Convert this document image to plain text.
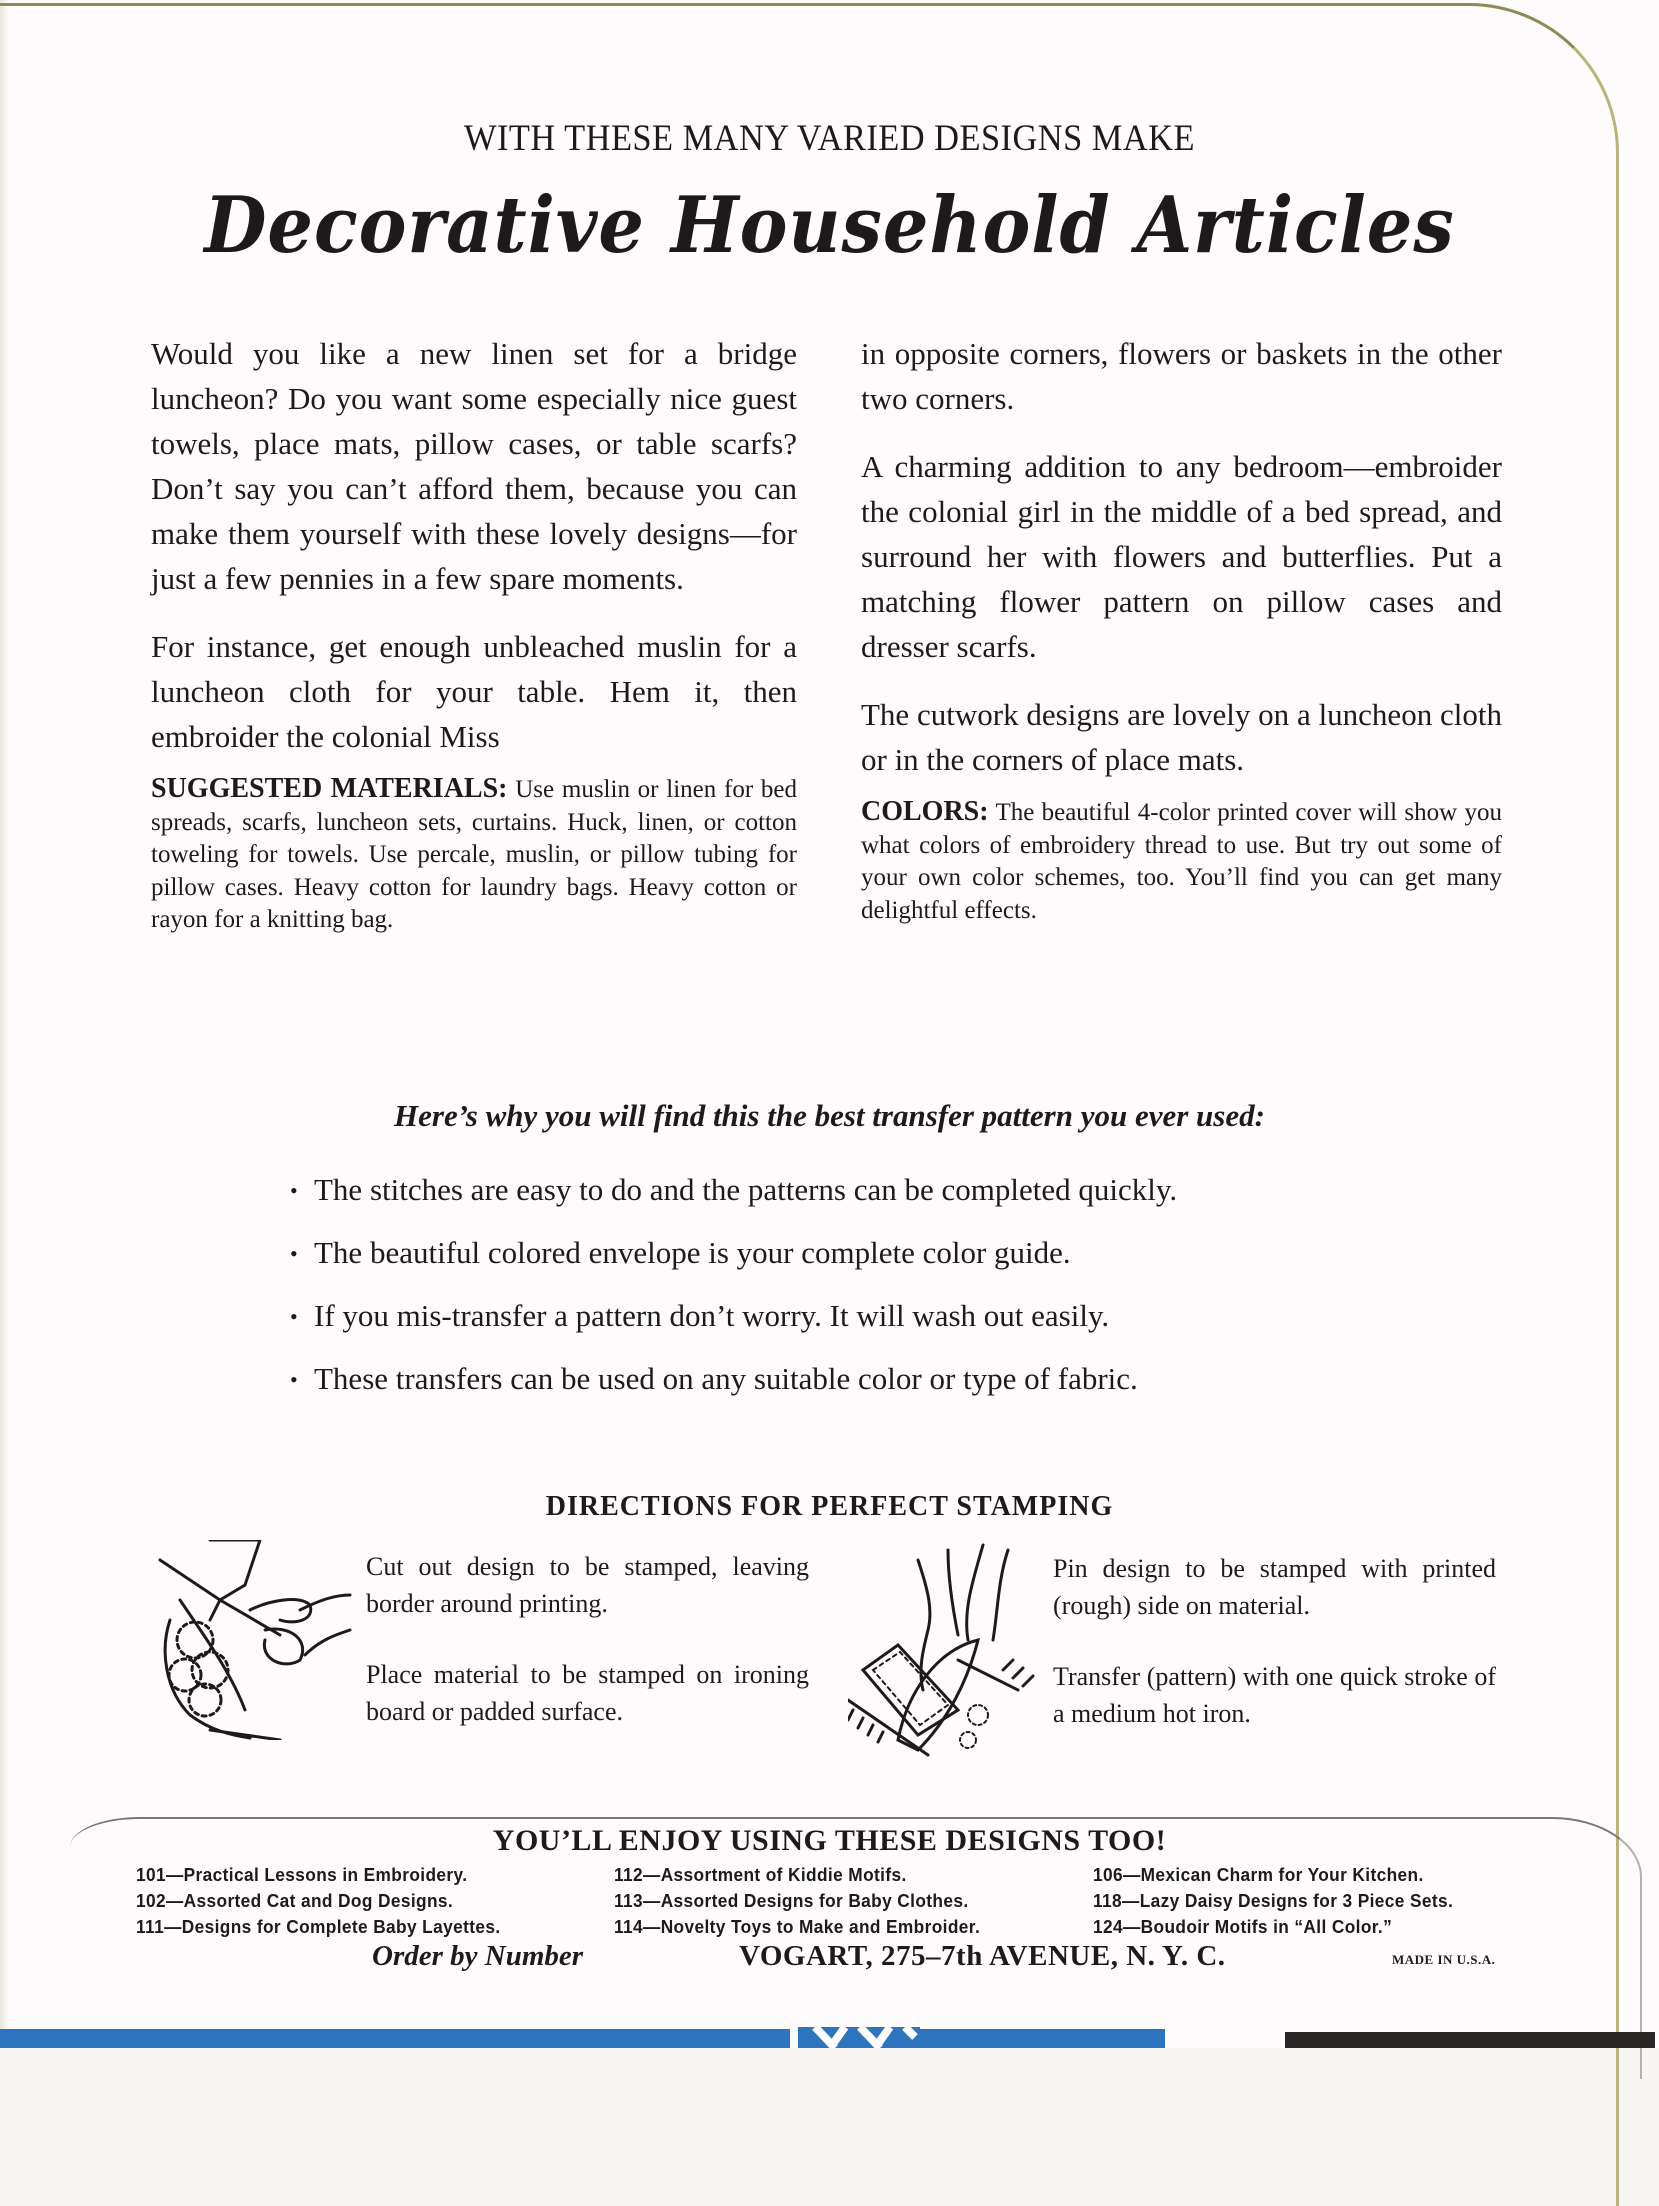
WITH THESE MANY VARIED DESIGNS MAKE
Decorative Household Articles

Would you like a new linen set for a bridge luncheon? Do you want some especially nice guest towels, place mats, pillow cases, or table scarfs? Don’t say you can’t afford them, because you can make them yourself with these lovely designs—for just a few pennies in a few spare moments.

For instance, get enough unbleached muslin for a luncheon cloth for your table. Hem it, then embroider the colonial Miss

SUGGESTED MATERIALS: Use muslin or linen for bed spreads, scarfs, luncheon sets, curtains. Huck, linen, or cotton toweling for towels. Use percale, muslin, or pillow tubing for pillow cases. Heavy cotton for laundry bags. Heavy cotton or rayon for a knitting bag.

in opposite corners, flowers or baskets in the other two corners.

A charming addition to any bedroom—embroider the colonial girl in the middle of a bed spread, and surround her with flowers and butterflies. Put a matching flower pattern on pillow cases and dresser scarfs.

The cutwork designs are lovely on a luncheon cloth or in the corners of place mats.

COLORS: The beautiful 4-color printed cover will show you what colors of embroidery thread to use. But try out some of your own color schemes, too. You’ll find you can get many delightful effects.

Here’s why you will find this the best transfer pattern you ever used:
• The stitches are easy to do and the patterns can be completed quickly.
• The beautiful colored envelope is your complete color guide.
• If you mis-transfer a pattern don’t worry. It will wash out easily.
• These transfers can be used on any suitable color or type of fabric.
DIRECTIONS FOR PERFECT STAMPING

Cut out design to be stamped, leaving border around printing.

Place material to be stamped on ironing board or padded surface.

Pin design to be stamped with printed (rough) side on material.

Transfer (pattern) with one quick stroke of a medium hot iron.

YOU’LL ENJOY USING THESE DESIGNS TOO!
101—Practical Lessons in Embroidery.
102—Assorted Cat and Dog Designs.
111—Designs for Complete Baby Layettes.
112—Assortment of Kiddie Motifs.
113—Assorted Designs for Baby Clothes.
114—Novelty Toys to Make and Embroider.
106—Mexican Charm for Your Kitchen.
118—Lazy Daisy Designs for 3 Piece Sets.
124—Boudoir Motifs in “All Color.”
Order by Number	VOGART, 275–7th AVENUE, N. Y. C.	MADE IN U.S.A.
